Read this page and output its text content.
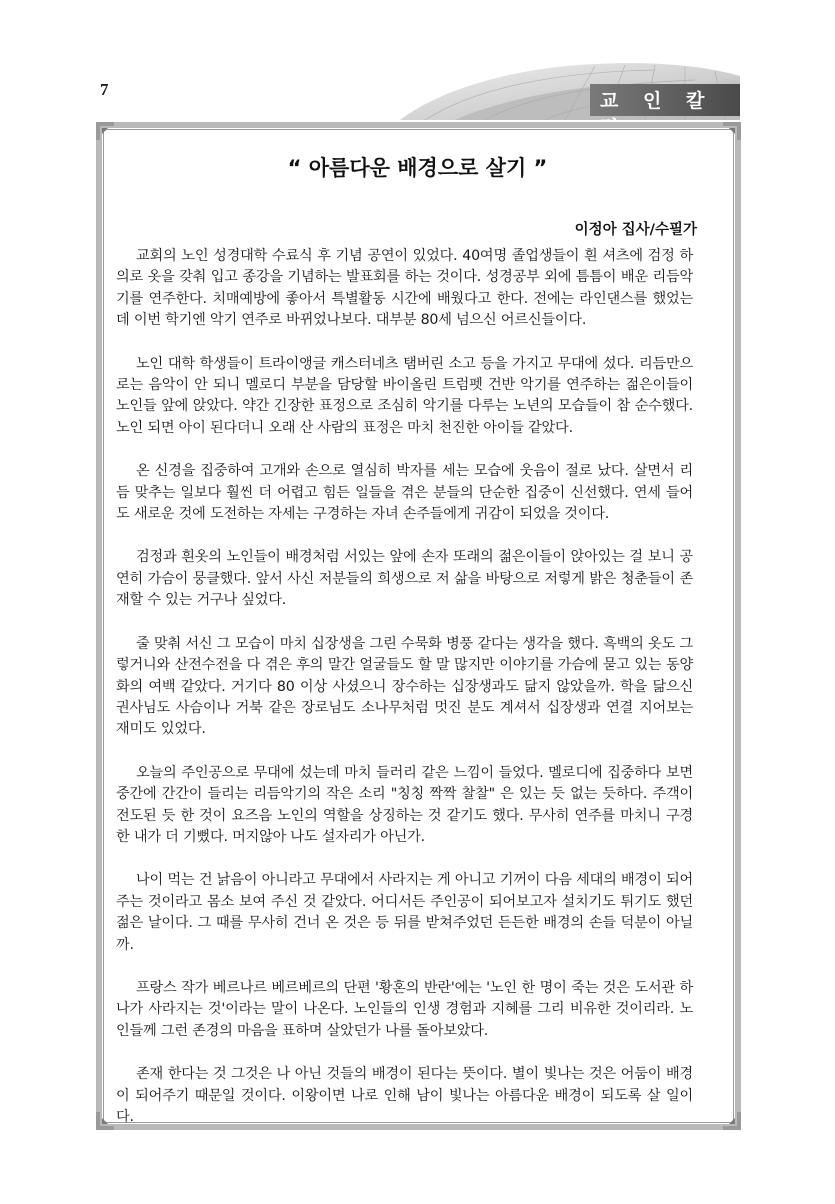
7
교 인 칼 럼
“ 아름다운 배경으로 살기 ”
이정아 집사/수필가

교회의 노인 성경대학 수료식 후 기념 공연이 있었다. 40여명 졸업생들이 흰 셔츠에 검정 하의로 옷을 갖춰 입고 종강을 기념하는 발표회를 하는 것이다. 성경공부 외에 틈틈이 배운 리듬악기를 연주한다. 치매예방에 좋아서 특별활동 시간에 배웠다고 한다. 전에는 라인댄스를 했었는데 이번 학기엔 악기 연주로 바뀌었나보다. 대부분 80세 넘으신 어르신들이다.

노인 대학 학생들이 트라이앵글 캐스터네츠 탬버린 소고 등을 가지고 무대에 섰다. 리듬만으로는 음악이 안 되니 멜로디 부분을 담당할 바이올린 트럼펫 건반 악기를 연주하는 젊은이들이 노인들 앞에 앉았다. 약간 긴장한 표정으로 조심히 악기를 다루는 노년의 모습들이 참 순수했다. 노인 되면 아이 된다더니 오래 산 사람의 표정은 마치 천진한 아이들 같았다.

온 신경을 집중하여 고개와 손으로 열심히 박자를 세는 모습에 웃음이 절로 났다. 살면서 리듬 맞추는 일보다 훨씬 더 어렵고 힘든 일들을 겪은 분들의 단순한 집중이 신선했다. 연세 들어도 새로운 것에 도전하는 자세는 구경하는 자녀 손주들에게 귀감이 되었을 것이다.

검정과 흰옷의 노인들이 배경처럼 서있는 앞에 손자 또래의 젊은이들이 앉아있는 걸 보니 공연히 가슴이 뭉클했다. 앞서 사신 저분들의 희생으로 저 삶을 바탕으로 저렇게 밝은 청춘들이 존재할 수 있는 거구나 싶었다.

줄 맞춰 서신 그 모습이 마치 십장생을 그린 수묵화 병풍 같다는 생각을 했다. 흑백의 옷도 그렇거니와 산전수전을 다 겪은 후의 말간 얼굴들도 할 말 많지만 이야기를 가슴에 묻고 있는 동양화의 여백 같았다. 거기다 80 이상 사셨으니 장수하는 십장생과도 닮지 않았을까. 학을 닮으신 권사님도 사슴이나 거북 같은 장로님도 소나무처럼 멋진 분도 계셔서 십장생과 연결 지어보는 재미도 있었다.

오늘의 주인공으로 무대에 섰는데 마치 들러리 같은 느낌이 들었다. 멜로디에 집중하다 보면 중간에 간간이 들리는 리듬악기의 작은 소리 "칭칭 짝짝 찰찰" 은 있는 듯 없는 듯하다. 주객이 전도된 듯 한 것이 요즈음 노인의 역할을 상징하는 것 같기도 했다. 무사히 연주를 마치니 구경한 내가 더 기뻤다. 머지않아 나도 설자리가 아닌가.

나이 먹는 건 낡음이 아니라고 무대에서 사라지는 게 아니고 기꺼이 다음 세대의 배경이 되어 주는 것이라고 몸소 보여 주신 것 같았다. 어디서든 주인공이 되어보고자 설치기도 튀기도 했던 젊은 날이다. 그 때를 무사히 건너 온 것은 등 뒤를 받쳐주었던 든든한 배경의 손들 덕분이 아닐까.

프랑스 작가 베르나르 베르베르의 단편 '황혼의 반란'에는 '노인 한 명이 죽는 것은 도서관 하나가 사라지는 것'이라는 말이 나온다. 노인들의 인생 경험과 지혜를 그리 비유한 것이리라. 노인들께 그런 존경의 마음을 표하며 살았던가 나를 돌아보았다.

존재 한다는 것 그것은 나 아닌 것들의 배경이 된다는 뜻이다. 별이 빛나는 것은 어둠이 배경이 되어주기 때문일 것이다. 이왕이면 나로 인해 남이 빛나는 아름다운 배경이 되도록 살 일이다.
